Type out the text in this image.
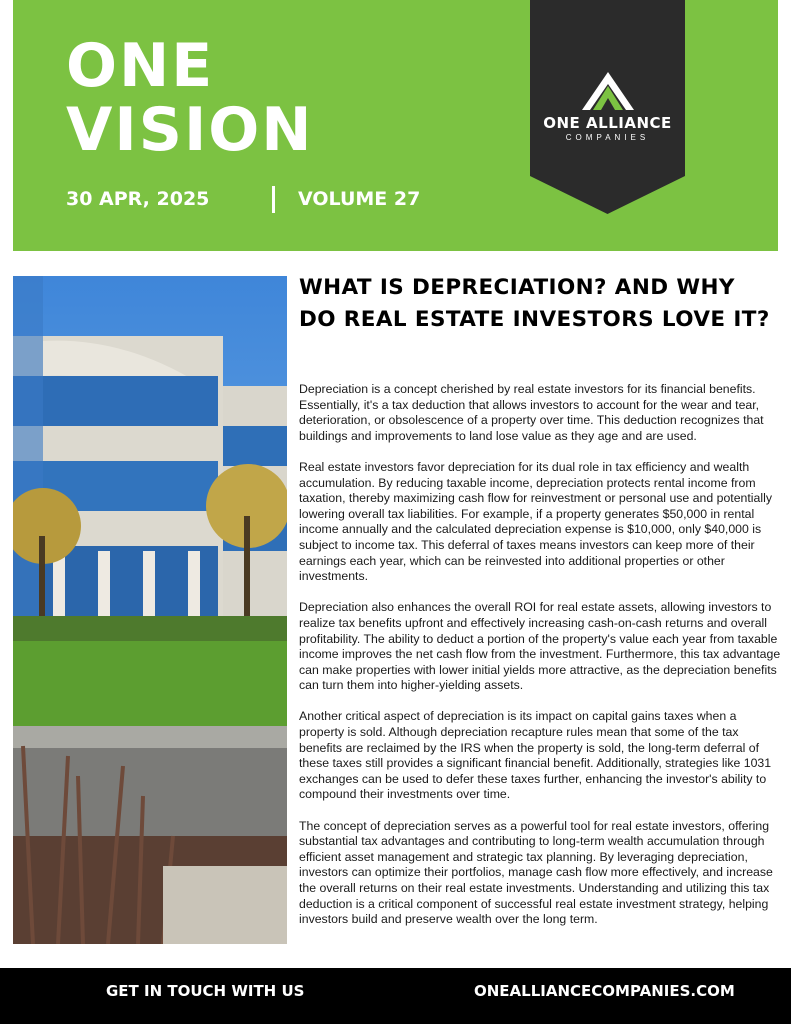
ONE
VISION
30 APR, 2025	VOLUME 27
ONE ALLIANCE
COMPANIES
WHAT IS DEPRECIATION? AND WHY DO REAL ESTATE INVESTORS LOVE IT?

Depreciation is a concept cherished by real estate investors for its financial benefits. Essentially, it's a tax deduction that allows investors to account for the wear and tear, deterioration, or obsolescence of a property over time. This deduction recognizes that buildings and improvements to land lose value as they age and are used.

Real estate investors favor depreciation for its dual role in tax efficiency and wealth accumulation. By reducing taxable income, depreciation protects rental income from taxation, thereby maximizing cash flow for reinvestment or personal use and potentially lowering overall tax liabilities. For example, if a property generates $50,000 in rental income annually and the calculated depreciation expense is $10,000, only $40,000 is subject to income tax. This deferral of taxes means investors can keep more of their earnings each year, which can be reinvested into additional properties or other investments.

Depreciation also enhances the overall ROI for real estate assets, allowing investors to realize tax benefits upfront and effectively increasing cash-on-cash returns and overall profitability. The ability to deduct a portion of the property's value each year from taxable income improves the net cash flow from the investment. Furthermore, this tax advantage can make properties with lower initial yields more attractive, as the depreciation benefits can turn them into higher-yielding assets.

Another critical aspect of depreciation is its impact on capital gains taxes when a property is sold. Although depreciation recapture rules mean that some of the tax benefits are reclaimed by the IRS when the property is sold, the long-term deferral of these taxes still provides a significant financial benefit. Additionally, strategies like 1031 exchanges can be used to defer these taxes further, enhancing the investor's ability to compound their investments over time.

The concept of depreciation serves as a powerful tool for real estate investors, offering substantial tax advantages and contributing to long-term wealth accumulation through efficient asset management and strategic tax planning. By leveraging depreciation, investors can optimize their portfolios, manage cash flow more effectively, and increase the overall returns on their real estate investments. Understanding and utilizing this tax deduction is a critical component of successful real estate investment strategy, helping investors build and preserve wealth over the long term.

GET IN TOUCH WITH US	ONEALLIANCECOMPANIES.COM
